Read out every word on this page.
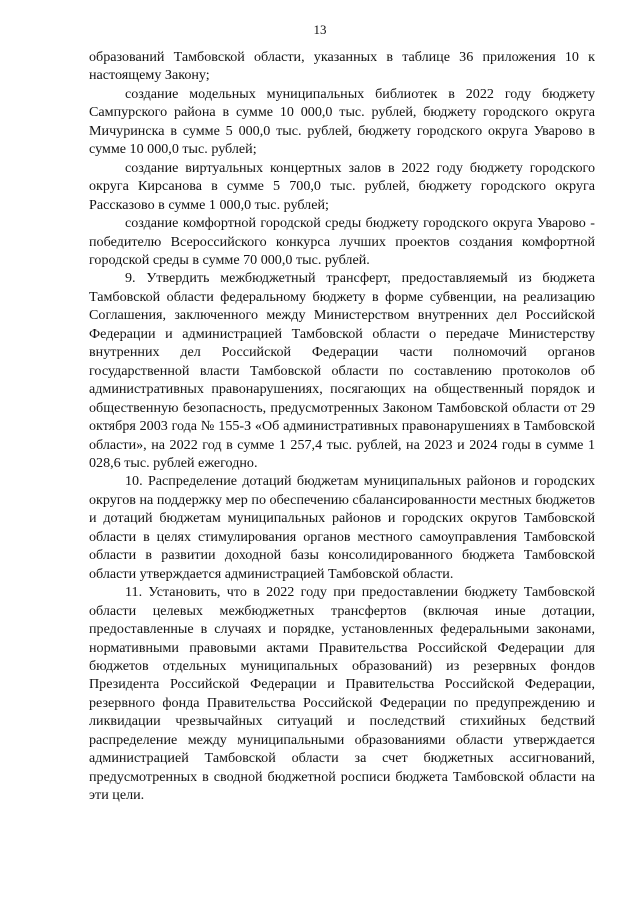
13

образований Тамбовской области, указанных в таблице 36 приложения 10 к настоящему Закону;

создание модельных муниципальных библиотек в 2022 году бюджету Сампурского района в сумме 10 000,0 тыс. рублей, бюджету городского округа Мичуринска в сумме 5 000,0 тыс. рублей, бюджету городского округа Уварово в сумме 10 000,0 тыс. рублей;

создание виртуальных концертных залов в 2022 году бюджету городского округа Кирсанова в сумме 5 700,0 тыс. рублей, бюджету городского округа Рассказово в сумме 1 000,0 тыс. рублей;

создание комфортной городской среды бюджету городского округа Уварово - победителю Всероссийского конкурса лучших проектов создания комфортной городской среды в сумме 70 000,0 тыс. рублей.

9. Утвердить межбюджетный трансферт, предоставляемый из бюджета Тамбовской области федеральному бюджету в форме субвенции, на реализацию Соглашения, заключенного между Министерством внутренних дел Российской Федерации и администрацией Тамбовской области о передаче Министерству внутренних дел Российской Федерации части полномочий органов государственной власти Тамбовской области по составлению протоколов об административных правонарушениях, посягающих на общественный порядок и общественную безопасность, предусмотренных Законом Тамбовской области от 29 октября 2003 года № 155-З «Об административных правонарушениях в Тамбовской области», на 2022 год в сумме 1 257,4 тыс. рублей, на 2023 и 2024 годы в сумме 1 028,6 тыс. рублей ежегодно.

10. Распределение дотаций бюджетам муниципальных районов и городских округов на поддержку мер по обеспечению сбалансированности местных бюджетов и дотаций бюджетам муниципальных районов и городских округов Тамбовской области в целях стимулирования органов местного самоуправления Тамбовской области в развитии доходной базы консолидированного бюджета Тамбовской области утверждается администрацией Тамбовской области.

11. Установить, что в 2022 году при предоставлении бюджету Тамбовской области целевых межбюджетных трансфертов (включая иные дотации, предоставленные в случаях и порядке, установленных федеральными законами, нормативными правовыми актами Правительства Российской Федерации для бюджетов отдельных муниципальных образований) из резервных фондов Президента Российской Федерации и Правительства Российской Федерации, резервного фонда Правительства Российской Федерации по предупреждению и ликвидации чрезвычайных ситуаций и последствий стихийных бедствий распределение между муниципальными образованиями области утверждается администрацией Тамбовской области за счет бюджетных ассигнований, предусмотренных в сводной бюджетной росписи бюджета Тамбовской области на эти цели.
